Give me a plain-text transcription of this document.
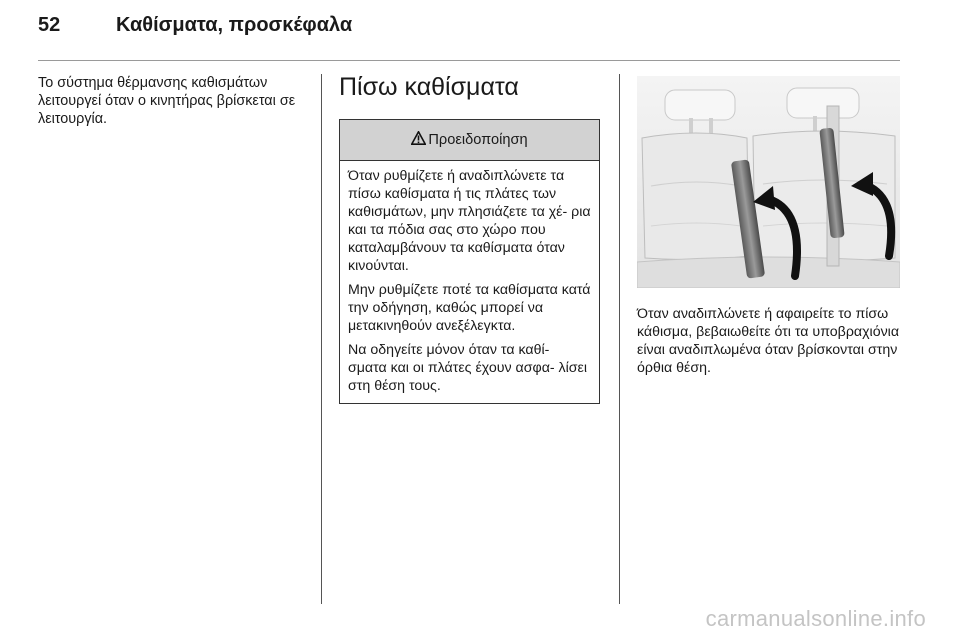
52	Καθίσματα, προσκέφαλα

Το σύστημα θέρμανσης καθισμάτων λειτουργεί όταν ο κινητήρας βρίσκεται σε λειτουργία.

Πίσω καθίσματα
Προειδοποίηση

Όταν ρυθμίζετε ή αναδιπλώνετε τα πίσω καθίσματα ή τις πλάτες των καθισμάτων, μην πλησιάζετε τα χέ- ρια και τα πόδια σας στο χώρο που καταλαμβάνουν τα καθίσματα όταν κινούνται.

Μην ρυθμίζετε ποτέ τα καθίσματα κατά την οδήγηση, καθώς μπορεί να μετακινηθούν ανεξέλεγκτα.

Να οδηγείτε μόνον όταν τα καθί- σματα και οι πλάτες έχουν ασφα- λίσει στη θέση τους.

Όταν αναδιπλώνετε ή αφαιρείτε το πίσω κάθισμα, βεβαιωθείτε ότι τα υποβραχιόνια είναι αναδιπλωμένα όταν βρίσκονται στην όρθια θέση.

carmanualsonline.info
